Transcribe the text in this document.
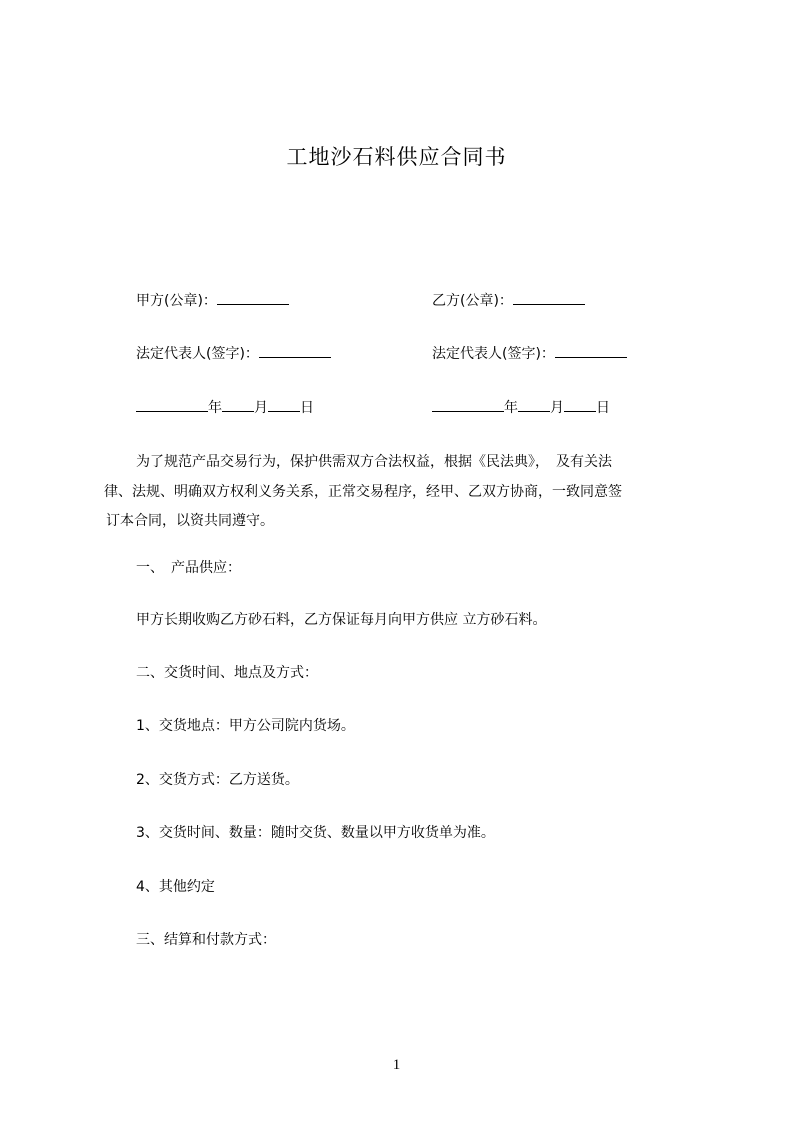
工地沙石料供应合同书
甲方(公章)：	乙方(公章)：
法定代表人(签字)：	法定代表人(签字)：
年 月 日	年 月 日
为了规范产品交易行为，保护供需双方合法权益，根据《民法典》，　及有关法
律、法规、明确双方权利义务关系，正常交易程序，经甲、乙双方协商，一致同意签
订本合同，以资共同遵守。
一、　产品供应：
甲方长期收购乙方砂石料，乙方保证每月向甲方供应 立方砂石料。
二、交货时间、地点及方式：
1、交货地点：甲方公司院内货场。
2、交货方式：乙方送货。
3、交货时间、数量：随时交货、数量以甲方收货单为准。
4、其他约定
三、结算和付款方式：
1
